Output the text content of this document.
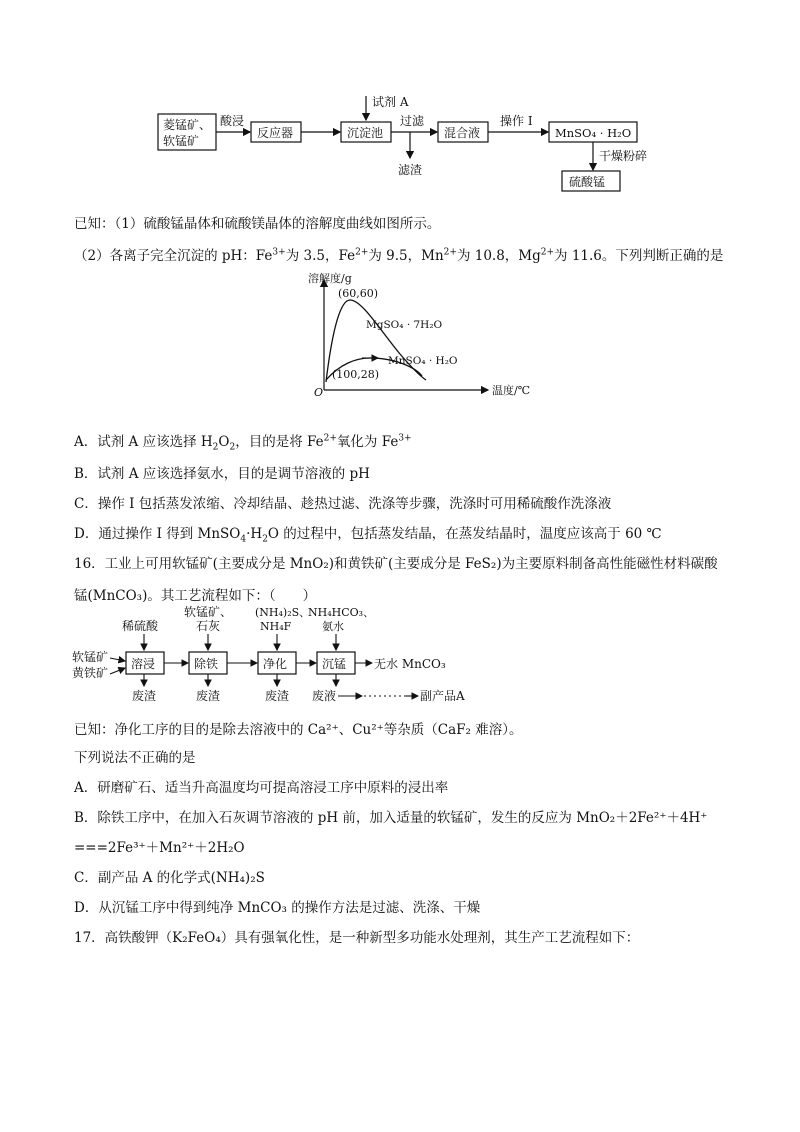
菱锰矿、
软锰矿
酸浸
反应器
试剂 A
沉淀池
过滤
滤渣
混合液
操作 I
MnSO₄ · H₂O
干燥粉碎
硫酸锰
已知：（1）硫酸锰晶体和硫酸镁晶体的溶解度曲线如图所示。
（2）各离子完全沉淀的 pH：$Fe^{3+}$为 3.5，$Fe^{2+}$为 9.5，$Mn^{2+}$为 10.8，$Mg^{2+}$为 11.6。下列判断正确的是
溶解度/g
温度/℃
O
(60,60)
MgSO₄ · 7H₂O
(100,28)
MnSO₄ · H₂O
A．试剂 A 应该选择 $H_2O_2$，目的是将 $Fe^{2+}$氧化为 $Fe^{3+}$
B．试剂 A 应该选择氨水，目的是调节溶液的 pH
C．操作 I 包括蒸发浓缩、冷却结晶、趁热过滤、洗涤等步骤，洗涤时可用稀硫酸作洗涤液
D．通过操作 I 得到 $MnSO_4\cdot H_2O$ 的过程中，包括蒸发结晶，在蒸发结晶时，温度应该高于 60 ℃
16．工业上可用软锰矿(主要成分是 MnO₂)和黄铁矿(主要成分是 FeS₂)为主要原料制备高性能磁性材料碳酸
锰(MnCO₃)。其工艺流程如下：（　　）
稀硫酸
软锰矿、
石灰
(NH₄)₂S、
NH₄F
NH₄HCO₃、
氨水
软锰矿
黄铁矿
溶浸	除铁	净化	沉锰 无水 MnCO₃
废渣	废渣	废渣 废液	副产品A
已知：净化工序的目的是除去溶液中的 Ca²⁺、Cu²⁺等杂质（CaF₂ 难溶）。
下列说法不正确的是
A．研磨矿石、适当升高温度均可提高溶浸工序中原料的浸出率
B．除铁工序中，在加入石灰调节溶液的 pH 前，加入适量的软锰矿，发生的反应为 MnO₂＋2Fe²⁺＋4H⁺
===2Fe³⁺＋Mn²⁺＋2H₂O
C．副产品 A 的化学式(NH₄)₂S
D．从沉锰工序中得到纯净 MnCO₃ 的操作方法是过滤、洗涤、干燥
17．高铁酸钾（K₂FeO₄）具有强氧化性，是一种新型多功能水处理剂，其生产工艺流程如下：
